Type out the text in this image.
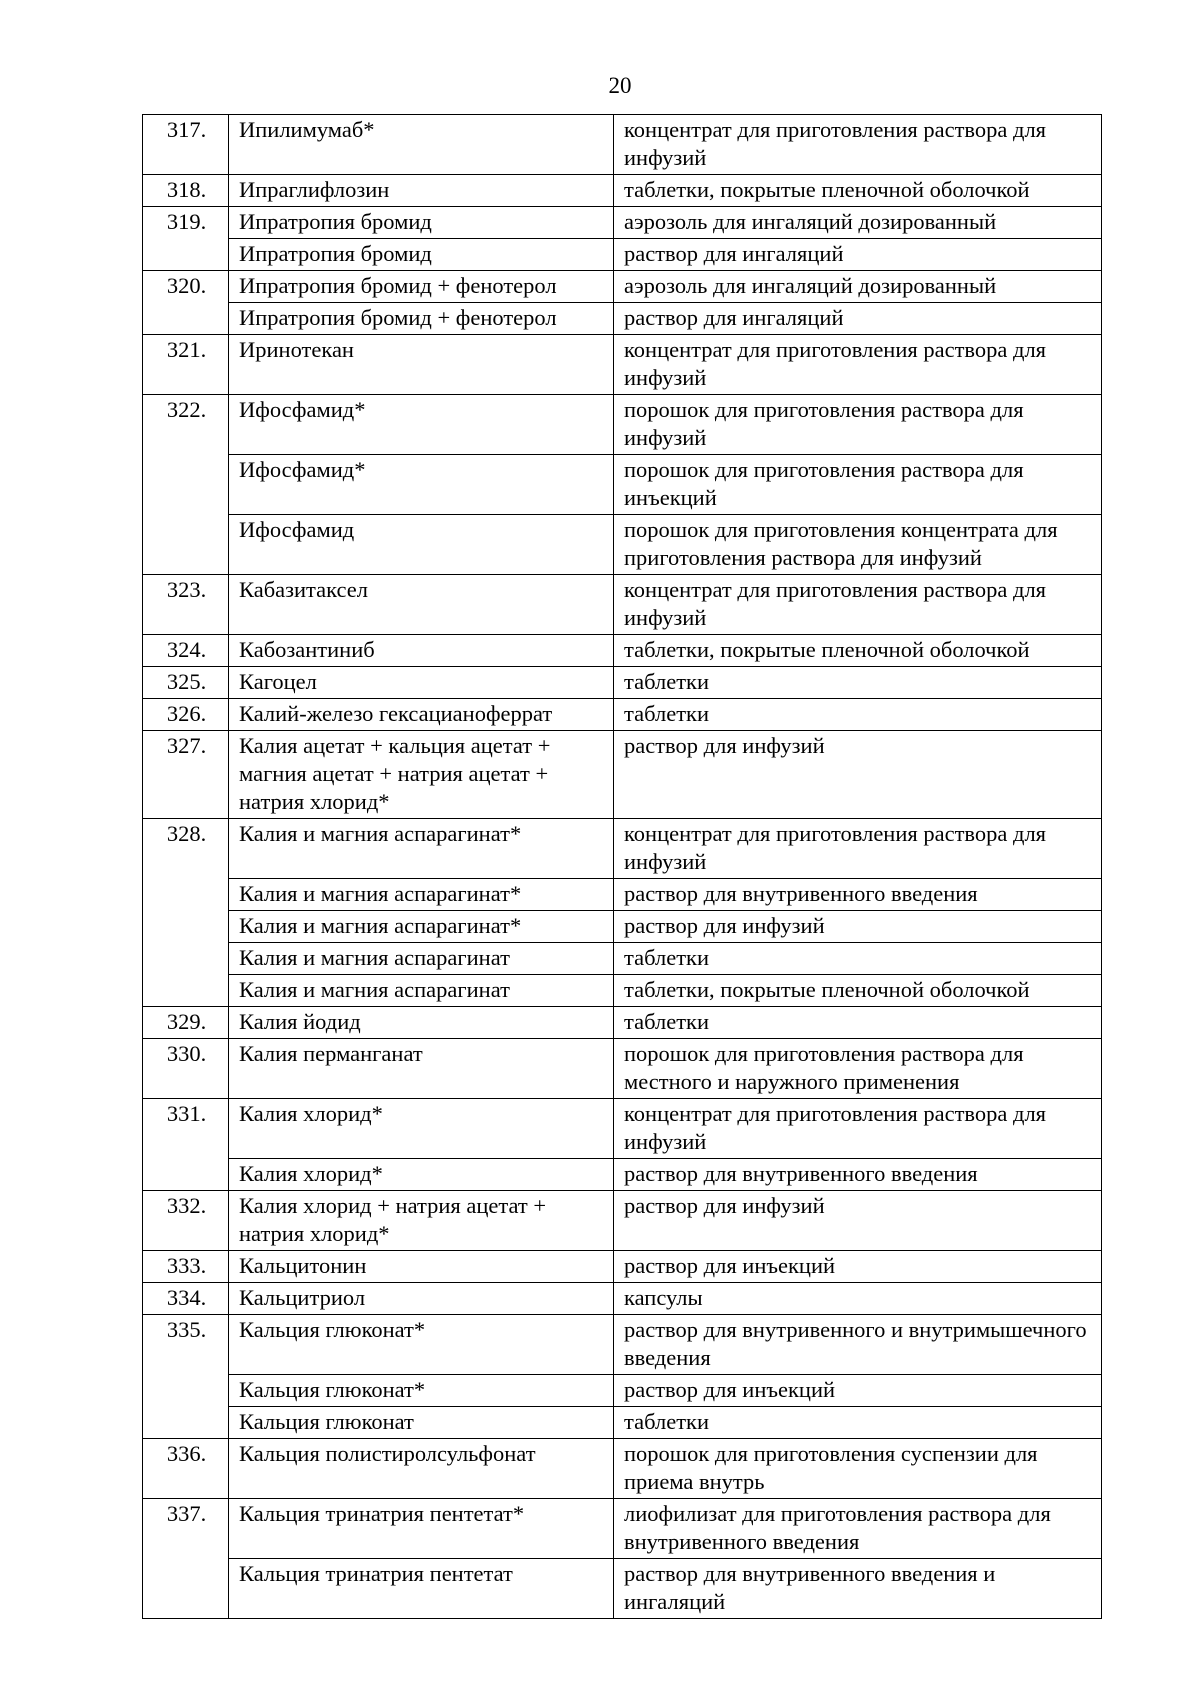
20
317.	Ипилимумаб*	концентрат для приготовления раствора для инфузий
318.	Ипраглифлозин	таблетки, покрытые пленочной оболочкой
319.	Ипратропия бромид	аэрозоль для ингаляций дозированный
	Ипратропия бромид	раствор для ингаляций
320.	Ипратропия бромид + фенотерол	аэрозоль для ингаляций дозированный
	Ипратропия бромид + фенотерол	раствор для ингаляций
321.	Иринотекан	концентрат для приготовления раствора для инфузий
322.	Ифосфамид*	порошок для приготовления раствора для инфузий
	Ифосфамид*	порошок для приготовления раствора для инъекций
	Ифосфамид	порошок для приготовления концентрата для приготовления раствора для инфузий
323.	Кабазитаксел	концентрат для приготовления раствора для инфузий
324.	Кабозантиниб	таблетки, покрытые пленочной оболочкой
325.	Кагоцел	таблетки
326.	Калий-железо гексацианоферрат	таблетки
327.	Калия ацетат + кальция ацетат + магния ацетат + натрия ацетат + натрия хлорид*	раствор для инфузий
328.	Калия и магния аспарагинат*	концентрат для приготовления раствора для инфузий
	Калия и магния аспарагинат*	раствор для внутривенного введения
	Калия и магния аспарагинат*	раствор для инфузий
	Калия и магния аспарагинат	таблетки
	Калия и магния аспарагинат	таблетки, покрытые пленочной оболочкой
329.	Калия йодид	таблетки
330.	Калия перманганат	порошок для приготовления раствора для местного и наружного применения
331.	Калия хлорид*	концентрат для приготовления раствора для инфузий
	Калия хлорид*	раствор для внутривенного введения
332.	Калия хлорид + натрия ацетат + натрия хлорид*	раствор для инфузий
333.	Кальцитонин	раствор для инъекций
334.	Кальцитриол	капсулы
335.	Кальция глюконат*	раствор для внутривенного и внутримышечного введения
	Кальция глюконат*	раствор для инъекций
	Кальция глюконат	таблетки
336.	Кальция полистиролсульфонат	порошок для приготовления суспензии для приема внутрь
337.	Кальция тринатрия пентетат*	лиофилизат для приготовления раствора для внутривенного введения
	Кальция тринатрия пентетат	раствор для внутривенного введения и ингаляций
